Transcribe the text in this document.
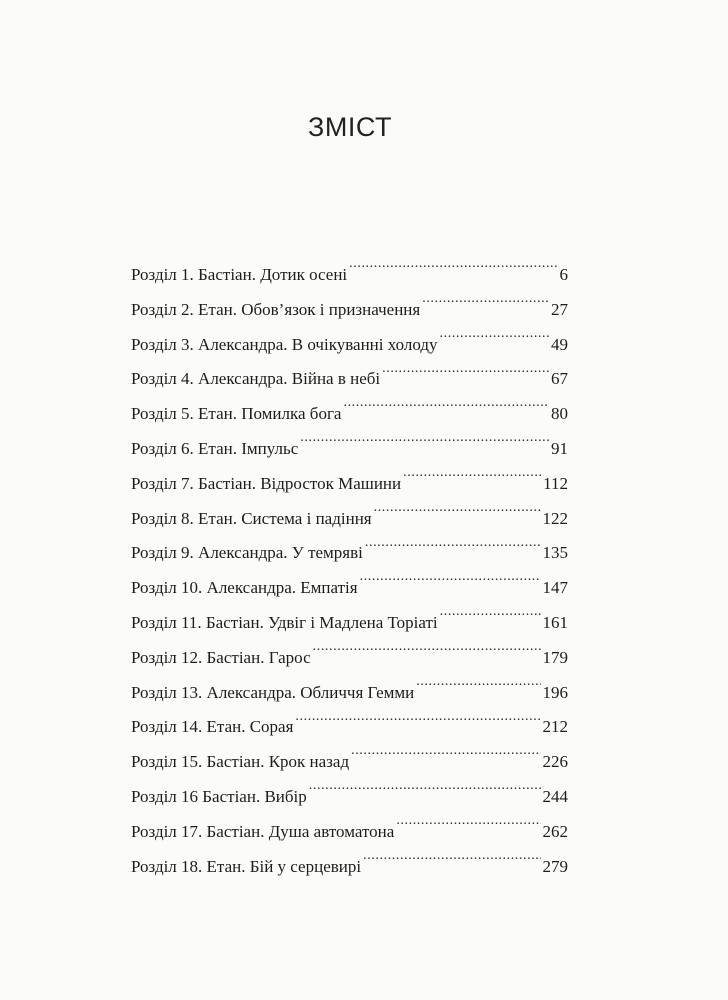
ЗМІСТ
Розділ 1. Бастіан. Дотик осені .....	6
Розділ 2. Етан. Обов’язок і призначення .....	27
Розділ 3. Александра. В очікуванні холоду .....	49
Розділ 4. Александра. Війна в небі .....	67
Розділ 5. Етан. Помилка бога .....	80
Розділ 6. Етан. Імпульс .....	91
Розділ 7. Бастіан. Відросток Машини .....	112
Розділ 8. Етан. Система і падіння .....	122
Розділ 9. Александра. У темряві .....	135
Розділ 10. Александра. Емпатія .....	147
Розділ 11. Бастіан. Удвіг і Мадлена Торіаті .....	161
Розділ 12. Бастіан. Гарос .....	179
Розділ 13. Александра. Обличчя Гемми .....	196
Розділ 14. Етан. Сорая .....	212
Розділ 15. Бастіан. Крок назад .....	226
Розділ 16 Бастіан. Вибір .....	244
Розділ 17. Бастіан. Душа автоматона .....	262
Розділ 18. Етан. Бій у серцевирі .....	279
